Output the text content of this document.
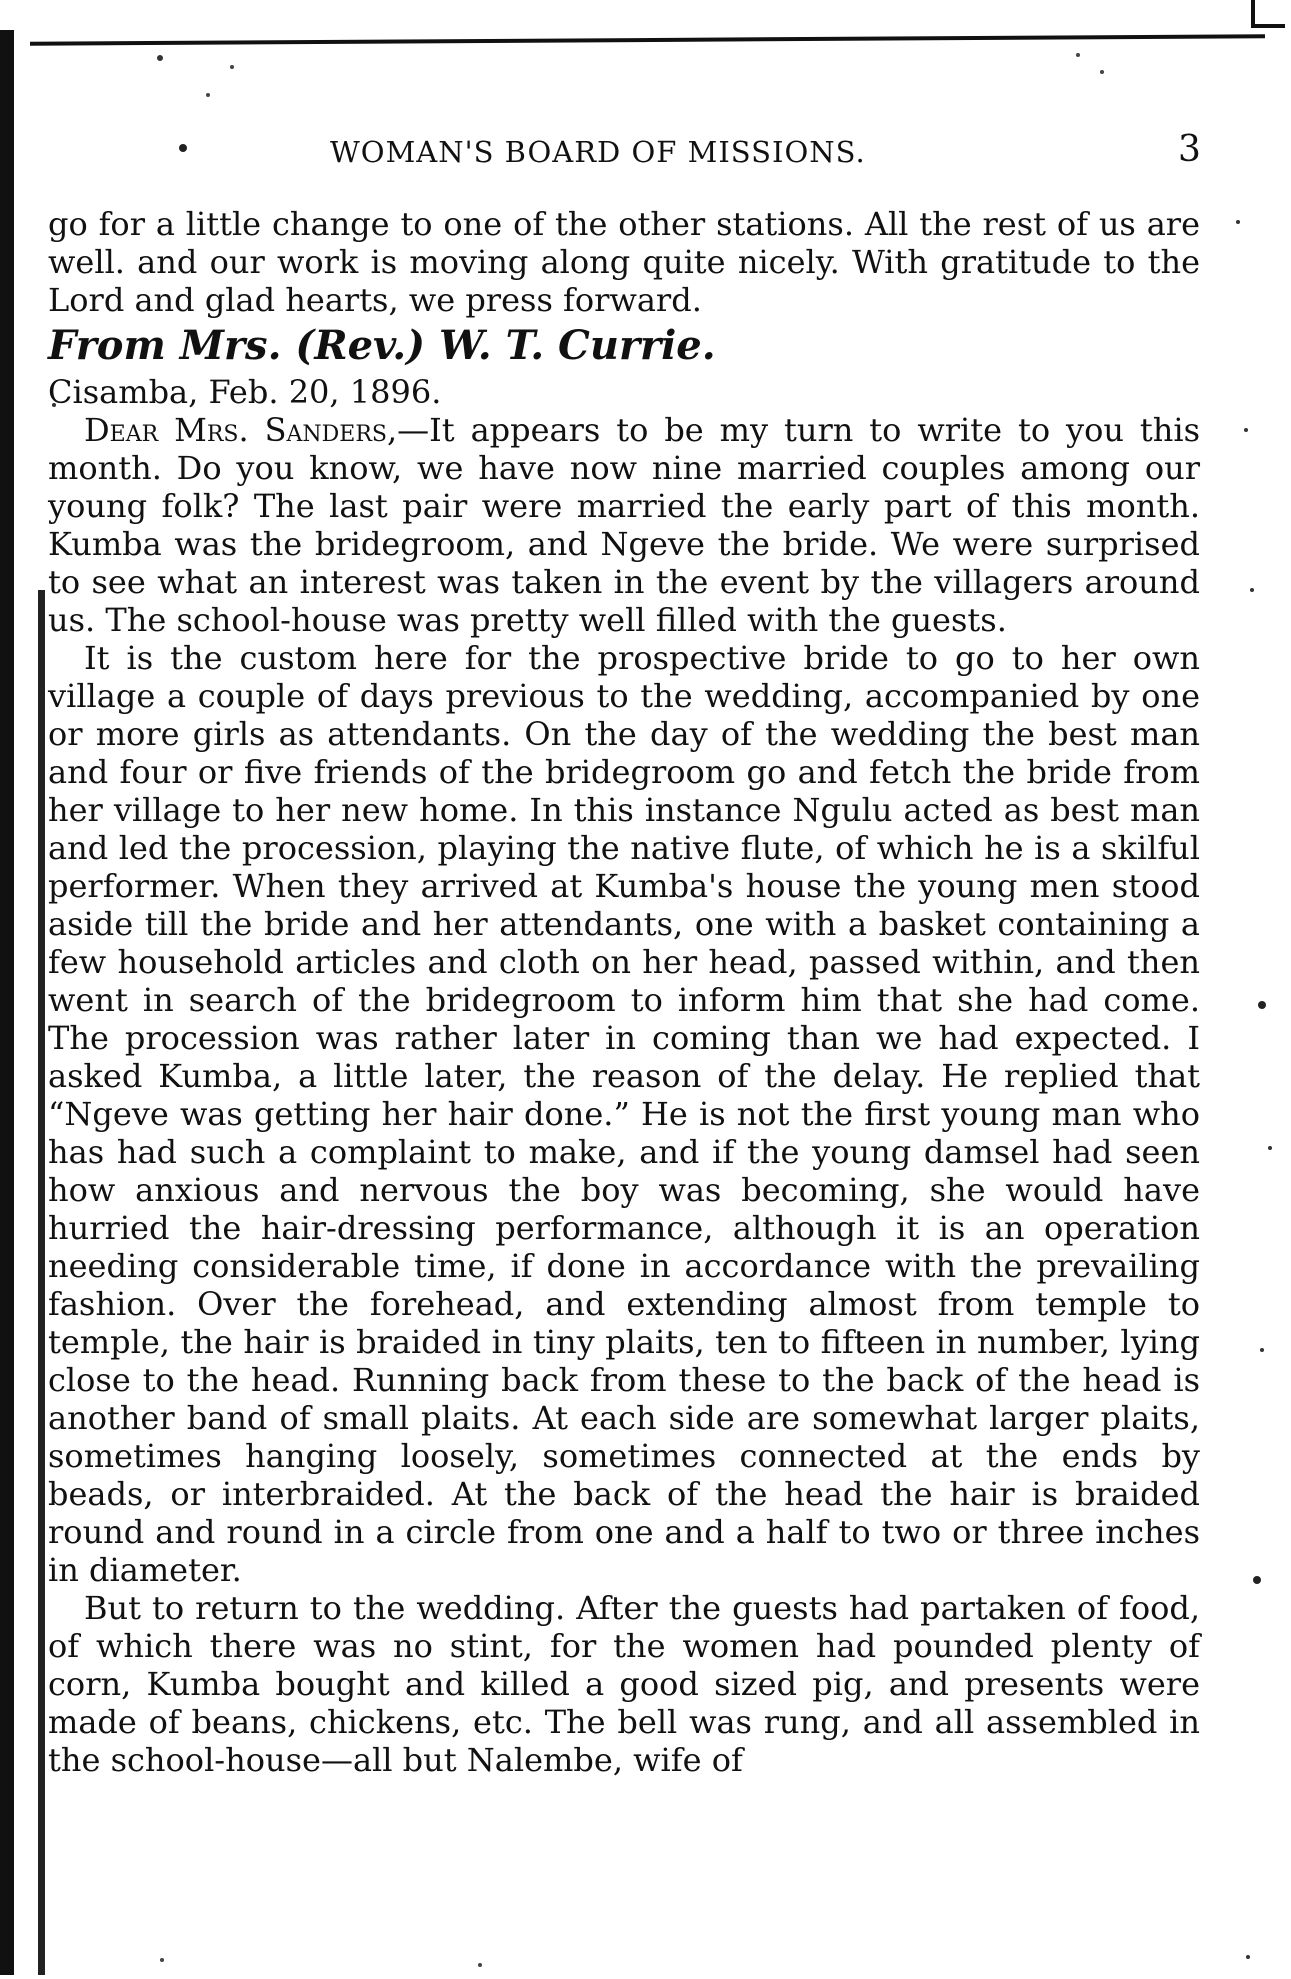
WOMAN'S BOARD OF MISSIONS.	3

go for a little change to one of the other stations. All the rest of us are well. and our work is moving along quite nicely. With gratitude to the Lord and glad hearts, we press forward.

From Mrs. (Rev.) W. T. Currie.

Cisamba, Feb. 20, 1896.

Dear Mrs. Sanders,—It appears to be my turn to write to you this month. Do you know, we have now nine married couples among our young folk? The last pair were married the early part of this month. Kumba was the bridegroom, and Ngeve the bride. We were surprised to see what an interest was taken in the event by the villagers around us. The school-house was pretty well filled with the guests.

It is the custom here for the prospective bride to go to her own village a couple of days previous to the wedding, accompanied by one or more girls as attendants. On the day of the wedding the best man and four or five friends of the bridegroom go and fetch the bride from her village to her new home. In this instance Ngulu acted as best man and led the procession, playing the native flute, of which he is a skilful performer. When they arrived at Kumba's house the young men stood aside till the bride and her attendants, one with a basket containing a few household articles and cloth on her head, passed within, and then went in search of the bridegroom to inform him that she had come. The procession was rather later in coming than we had expected. I asked Kumba, a little later, the reason of the delay. He replied that “Ngeve was getting her hair done.” He is not the first young man who has had such a complaint to make, and if the young damsel had seen how anxious and nervous the boy was becoming, she would have hurried the hair-dressing performance, although it is an operation needing considerable time, if done in accordance with the prevailing fashion. Over the forehead, and extending almost from temple to temple, the hair is braided in tiny plaits, ten to fifteen in number, lying close to the head. Running back from these to the back of the head is another band of small plaits. At each side are somewhat larger plaits, sometimes hanging loosely, sometimes connected at the ends by beads, or interbraided. At the back of the head the hair is braided round and round in a circle from one and a half to two or three inches in diameter.

But to return to the wedding. After the guests had partaken of food, of which there was no stint, for the women had pounded plenty of corn, Kumba bought and killed a good sized pig, and presents were made of beans, chickens, etc. The bell was rung, and all assembled in the school-house—all but Nalembe, wife of
